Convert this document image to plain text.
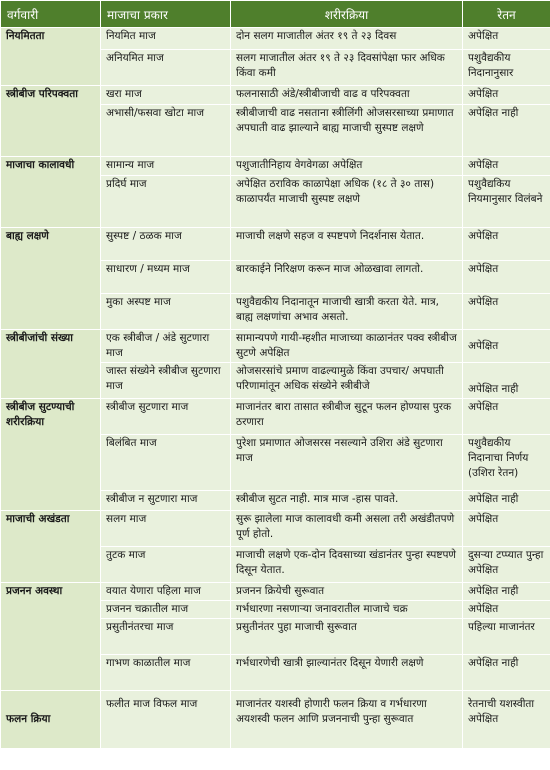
वर्गवारी	माजाचा प्रकार	शरीरक्रिया	रेतन
नियमितता	नियमित माज	दोन सलग माजातील अंतर १९ ते २३ दिवस	अपेक्षित
	अनियमित माज	सलग माजातील अंतर १९ ते २३ दिवसांपेक्षा फार अधिक किंवा कमी	पशुवैद्यकीय निदानानुसार
स्त्रीबीज परिपक्वता	खरा माज	फलनासाठी अंडे/स्त्रीबीजाची वाढ व परिपक्वता	अपेक्षित
	अभासी/फसवा खोटा माज	स्त्रीबीजाची वाढ नसताना स्त्रीलिंगी ओजसरसाच्या प्रमाणात अपघाती वाढ झाल्याने बाह्य माजाची सुस्पष्ट लक्षणे	अपेक्षित नाही
माजाचा कालावधी	सामान्य माज	पशुजातीनिहाय वेगवेगळा अपेक्षित	अपेक्षित
	प्रदिर्घ माज	अपेक्षित ठराविक काळापेक्षा अधिक (१८ ते ३० तास) काळापर्यंत माजाची सुस्पष्ट लक्षणे	पशुवैद्यकिय नियमानुसार विलंबने
बाह्य लक्षणे	सुस्पष्ट / ठळक माज	माजाची लक्षणे सहज व स्पष्टपणे निदर्शनास येतात.	अपेक्षित
	साधारण / मध्यम माज	बारकाईने निरिक्षण करून माज ओळखावा लागतो.	अपेक्षित
	मुका अस्पष्ट माज	पशुवैद्यकीय निदानातून माजाची खात्री करता येते. मात्र, बाह्य लक्षणांचा अभाव असतो.	अपेक्षित
स्त्रीबीजांची संख्या	एक स्त्रीबीज / अंडे सुटणारा माज	सामान्यपणे गायी-म्हशीत माजाच्या काळानंतर पक्व स्त्रीबीज सुटणे अपेक्षित	अपेक्षित
	जास्त संख्येने स्त्रीबीज सुटणारा माज	ओजसरसांचे प्रमाण वाढल्यामुळे किंवा उपचार/ अपघाती परिणामांतून अधिक संख्येने स्त्रीबीजे	अपेक्षित नाही
स्त्रीबीज सुटण्याची शरीरक्रिया	स्त्रीबीज सुटणारा माज	माजानंतर बारा तासात स्त्रीबीज सुटून फलन होण्यास पुरक ठरणारा	अपेक्षित
	बिलंबित माज	पुरेशा प्रमाणात ओजसरस नसल्याने उशिरा अंडे सुटणारा माज	पशुवैद्यकीय निदानाचा निर्णय (उशिरा रेतन)
	स्त्रीबीज न सुटणारा माज	स्त्रीबीज सुटत नाही. मात्र माज -हास पावते.	अपेक्षित नाही
माजाची अखंडता	सलग माज	सुरू झालेला माज कालावधी कमी असला तरी अखंडीतपणे पूर्ण होतो.	अपेक्षित
	तुटक माज	माजाची लक्षणे एक-दोन दिवसाच्या खंडानंतर पुन्हा स्पष्टपणे दिसून येतात.	दुसऱ्या टप्प्यात पुन्हा अपेक्षित
प्रजनन अवस्था	वयात येणारा पहिला माज	प्रजनन क्रियेची सुरूवात	अपेक्षित नाही
	प्रजनन चक्रातील माज	गर्भधारणा नसणाऱ्या जनावरातील माजाचे चक्र	अपेक्षित
	प्रसुतीनंतरचा माज	प्रसुतीनंतर पुहा माजाची सुरूवात	पहिल्या माजानंतर
	गाभण काळातील माज	गर्भधारणेची खात्री झाल्यानंतर दिसून येणारी लक्षणे	अपेक्षित नाही
फलन क्रिया	फलीत माज विफल माज	माजानंतर यशस्वी होणारी फलन क्रिया व गर्भधारणा अयशस्वी फलन आणि प्रजननाची पुन्हा सुरूवात	रेतनाची यशस्वीता अपेक्षित
